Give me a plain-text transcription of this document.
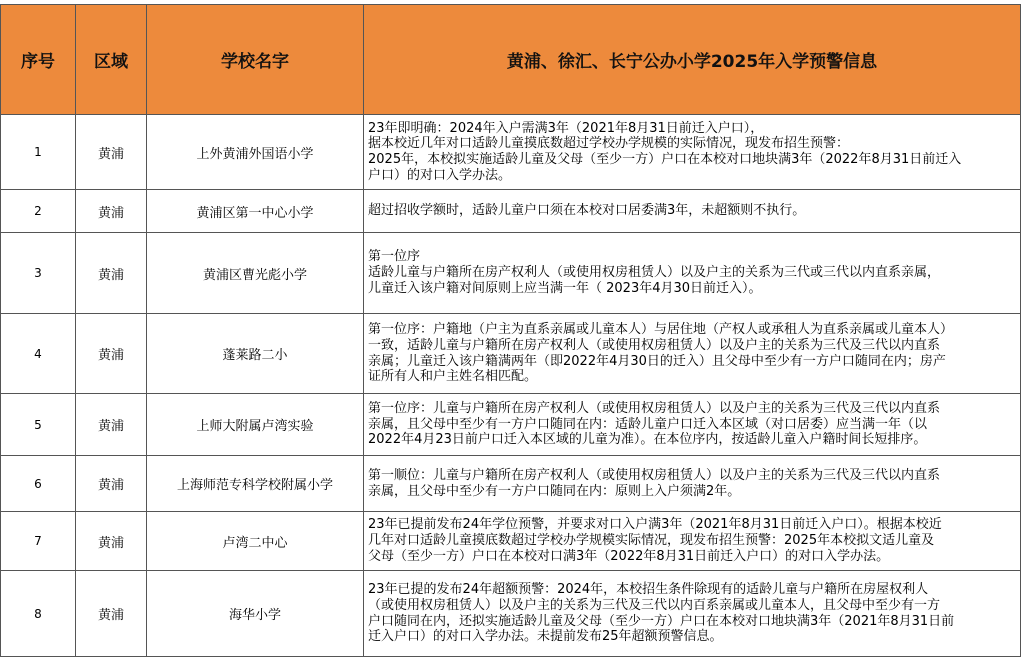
序号	区域	学校名字	黄浦、徐汇、长宁公办小学2025年入学预警信息
1	黄浦	上外黄浦外国语小学	23年即明确：2024年入户需满3年（2021年8月31日前迁入户口），
据本校近几年对口适龄儿童摸底数超过学校办学规模的实际情况，现发布招生预警：
2025年，本校拟实施适龄儿童及父母（至少一方）户口在本校对口地块满3年（2022年8月31日前迁入
户口）的对口入学办法。

2	黄浦	黄浦区第一中心小学	超过招收学额时，适龄儿童户口须在本校对口居委满3年，未超额则不执行。

3	黄浦	黄浦区曹光彪小学	第一位序
适龄儿童与户籍所在房产权利人（或使用权房租赁人）以及户主的关系为三代或三代以内直系亲属，
儿童迁入该户籍对间原则上应当满一年（ 2023年4月30日前迁入）。

4	黄浦	蓬莱路二小	第一位序：户籍地（户主为直系亲属或儿童本人）与居住地（产权人或承租人为直系亲属或儿童本人）
一致，适龄儿童与户籍所在房产权利人（或使用权房租赁人）以及户主的关系为三代及三代以内直系
亲属；儿童迁入该户籍满两年（即2022年4月30日的迁入）且父母中至少有一方户口随同在内；房产
证所有人和户主姓名相匹配。

5	黄浦	上师大附属卢湾实验	第一位序：儿童与户籍所在房产权利人（或使用权房租赁人）以及户主的关系为三代及三代以内直系
亲属，且父母中至少有一方户口随同在内：适龄儿童户口迁入本区域（对口居委）应当满一年（以
2022年4月23日前户口迁入本区域的儿童为准）。在本位序内，按适龄儿童入户籍时间长短排序。

6	黄浦	上海师范专科学校附属小学	第一顺位：儿童与户籍所在房产权利人（或使用权房租赁人）以及户主的关系为三代及三代以内直系
亲属，且父母中至少有一方户口随同在内：原则上入户须满2年。

7	黄浦	卢湾二中心	23年已提前发布24年学位预警，并要求对口入户满3年（2021年8月31日前迁入户口）。根据本校近
几年对口适龄儿童摸底数超过学校办学规模实际情况，现发布招生预警：2025年本校拟文适儿童及
父母（至少一方）户口在本校对口满3年（2022年8月31日前迁入户口）的对口入学办法。

8	黄浦	海华小学	23年已提的发布24年超额预警：2024年，本校招生条件除现有的适龄儿童与户籍所在房屋权利人
（或使用权房租赁人）以及户主的关系为三代及三代以内百系亲属或儿童本人，且父母中至少有一方
户口随同在内，还拟实施适龄儿童及父母（至少一方）户口在本校对口地块满3年（2021年8月31日前
迁入户口）的对口入学办法。未提前发布25年超额预警信息。
